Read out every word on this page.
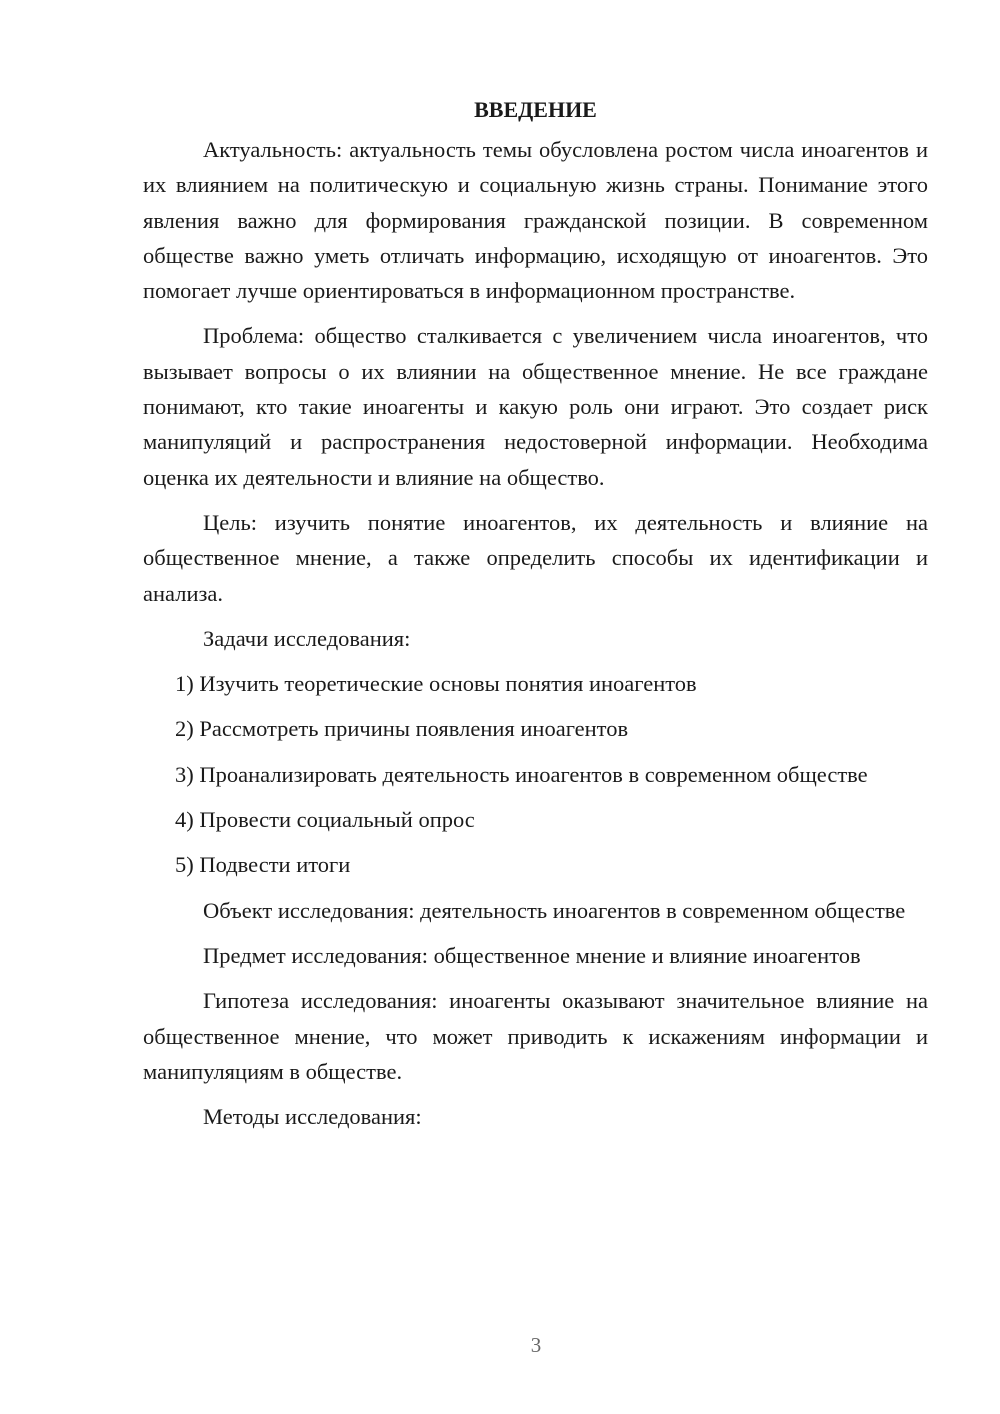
ВВЕДЕНИЕ

Актуальность: актуальность темы обусловлена ростом числа иноагентов и их влиянием на политическую и социальную жизнь страны. Понимание этого явления важно для формирования гражданской позиции. В современном обществе важно уметь отличать информацию, исходящую от иноагентов. Это помогает лучше ориентироваться в информационном пространстве.

Проблема: общество сталкивается с увеличением числа иноагентов, что вызывает вопросы о их влиянии на общественное мнение. Не все граждане понимают, кто такие иноагенты и какую роль они играют. Это создает риск манипуляций и распространения недостоверной информации. Необходима оценка их деятельности и влияние на общество.

Цель: изучить понятие иноагентов, их деятельность и влияние на общественное мнение, а также определить способы их идентификации и анализа.

Задачи исследования:

1) Изучить теоретические основы понятия иноагентов

2) Рассмотреть причины появления иноагентов

3) Проанализировать деятельность иноагентов в современном обществе

4) Провести социальный опрос

5) Подвести итоги

Объект исследования: деятельность иноагентов в современном обществе

Предмет исследования: общественное мнение и влияние иноагентов

Гипотеза исследования: иноагенты оказывают значительное влияние на общественное мнение, что может приводить к искажениям информации и манипуляциям в обществе.

Методы исследования:

3
